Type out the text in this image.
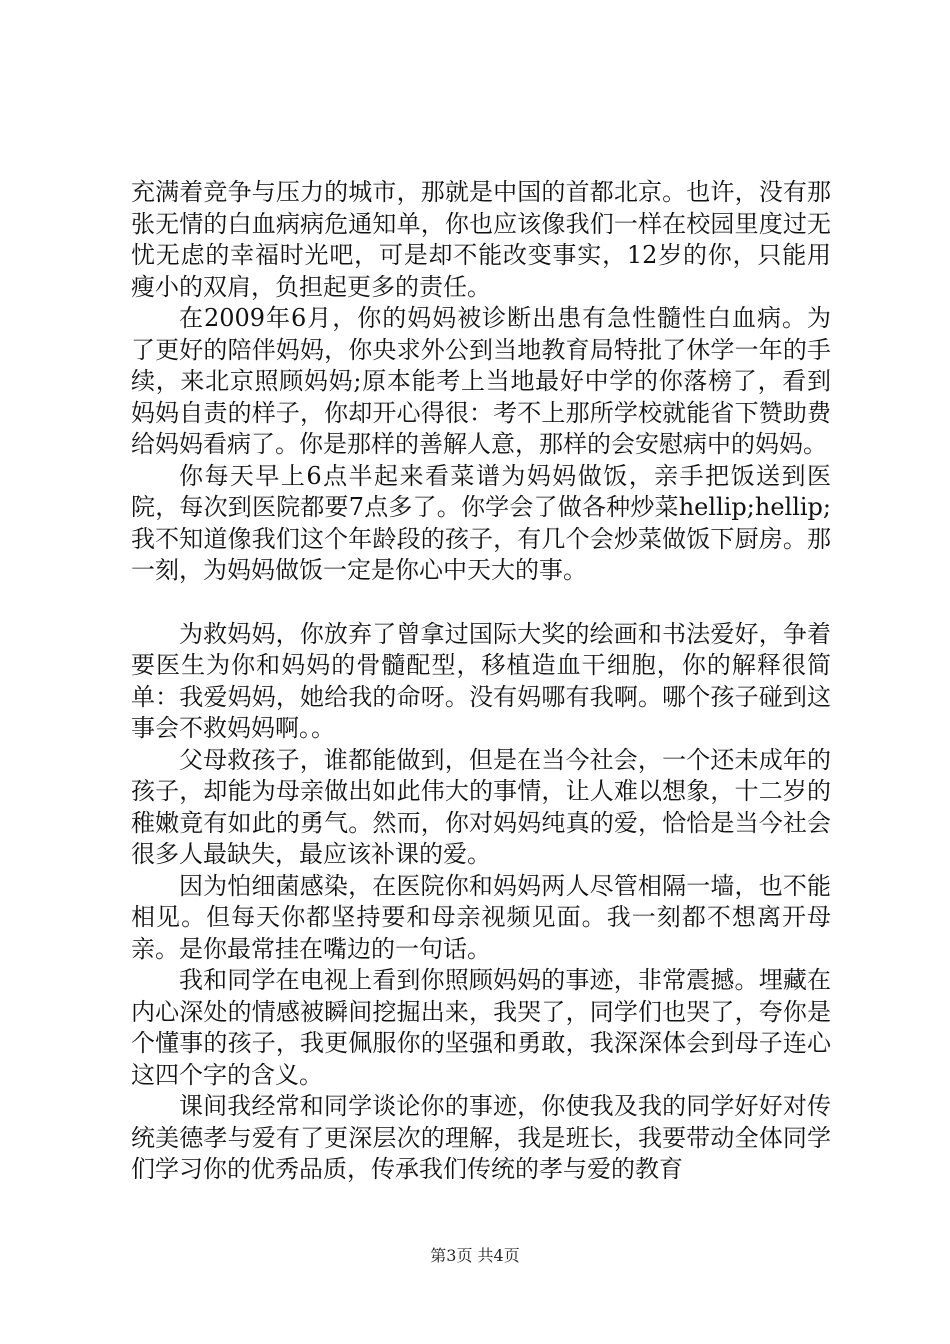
充满着竞争与压力的城市，那就是中国的首都北京。也许，没有那张无情的白血病病危通知单，你也应该像我们一样在校园里度过无忧无虑的幸福时光吧，可是却不能改变事实，12岁的你，只能用瘦小的双肩，负担起更多的责任。

在2009年6月，你的妈妈被诊断出患有急性髓性白血病。为了更好的陪伴妈妈，你央求外公到当地教育局特批了休学一年的手续，来北京照顾妈妈;原本能考上当地最好中学的你落榜了，看到妈妈自责的样子，你却开心得很：考不上那所学校就能省下赞助费给妈妈看病了。你是那样的善解人意，那样的会安慰病中的妈妈。

你每天早上6点半起来看菜谱为妈妈做饭，亲手把饭送到医院，每次到医院都要7点多了。你学会了做各种炒菜hellip;hellip;我不知道像我们这个年龄段的孩子，有几个会炒菜做饭下厨房。那一刻，为妈妈做饭一定是你心中天大的事。

为救妈妈，你放弃了曾拿过国际大奖的绘画和书法爱好，争着要医生为你和妈妈的骨髓配型，移植造血干细胞，你的解释很简单：我爱妈妈，她给我的命呀。没有妈哪有我啊。哪个孩子碰到这事会不救妈妈啊。。

父母救孩子，谁都能做到，但是在当今社会，一个还未成年的孩子，却能为母亲做出如此伟大的事情，让人难以想象，十二岁的稚嫩竟有如此的勇气。然而，你对妈妈纯真的爱，恰恰是当今社会很多人最缺失，最应该补课的爱。

因为怕细菌感染，在医院你和妈妈两人尽管相隔一墙，也不能相见。但每天你都坚持要和母亲视频见面。我一刻都不想离开母亲。是你最常挂在嘴边的一句话。

我和同学在电视上看到你照顾妈妈的事迹，非常震撼。埋藏在内心深处的情感被瞬间挖掘出来，我哭了，同学们也哭了，夸你是个懂事的孩子，我更佩服你的坚强和勇敢，我深深体会到母子连心这四个字的含义。

课间我经常和同学谈论你的事迹，你使我及我的同学好好对传统美德孝与爱有了更深层次的理解，我是班长，我要带动全体同学们学习你的优秀品质，传承我们传统的孝与爱的教育

第3页 共4页
